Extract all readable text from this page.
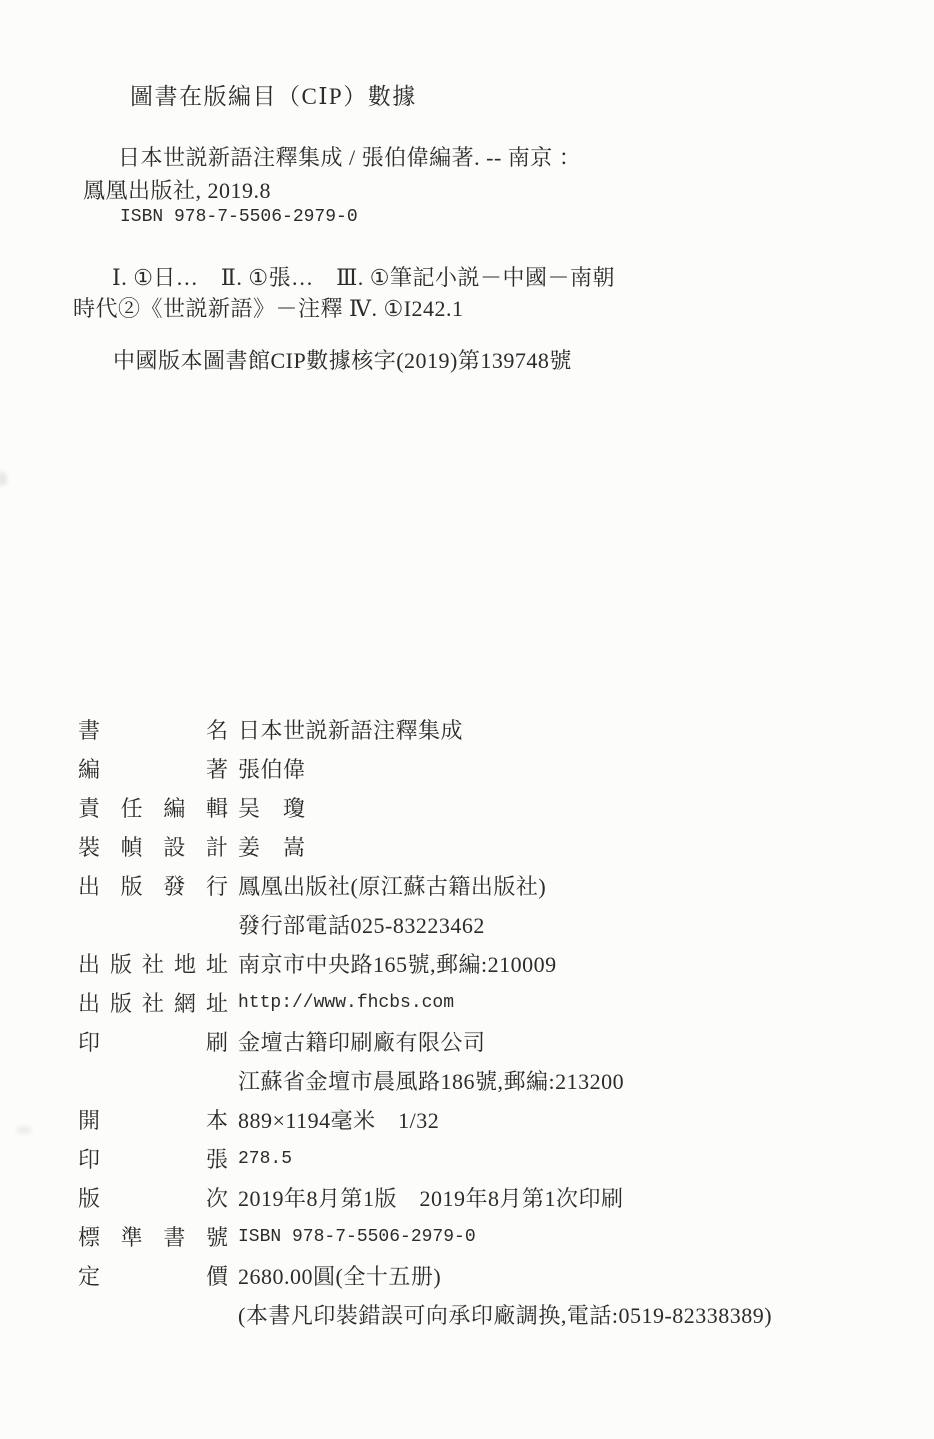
圖書在版編目（CⅠP）數據
日本世説新語注釋集成 / 張伯偉編著. -- 南京 ：
鳳凰出版社, 2019.8
ISBN 978-7-5506-2979-0
Ⅰ. ①日…　Ⅱ. ①張…　Ⅲ. ①筆記小説－中國－南朝
時代②《世説新語》－注釋 Ⅳ. ①I242.1
中國版本圖書館CIP數據核字(2019)第139748號
書名 日本世説新語注釋集成
編著 張伯偉
責任編輯 吴　瓊
裝幀設計 姜　嵩
出版發行 鳳凰出版社(原江蘇古籍出版社)
發行部電話025-83223462
出版社地址 南京市中央路165號,郵編:210009
出版社網址 http://www.fhcbs.com
印刷 金壇古籍印刷廠有限公司
江蘇省金壇市晨風路186號,郵編:213200
開本 889×1194毫米　1/32
印張 278.5
版次 2019年8月第1版　2019年8月第1次印刷
標準書號 ISBN 978-7-5506-2979-0
定價 2680.00圓(全十五册)
(本書凡印裝錯誤可向承印廠調换,電話:0519-82338389)
